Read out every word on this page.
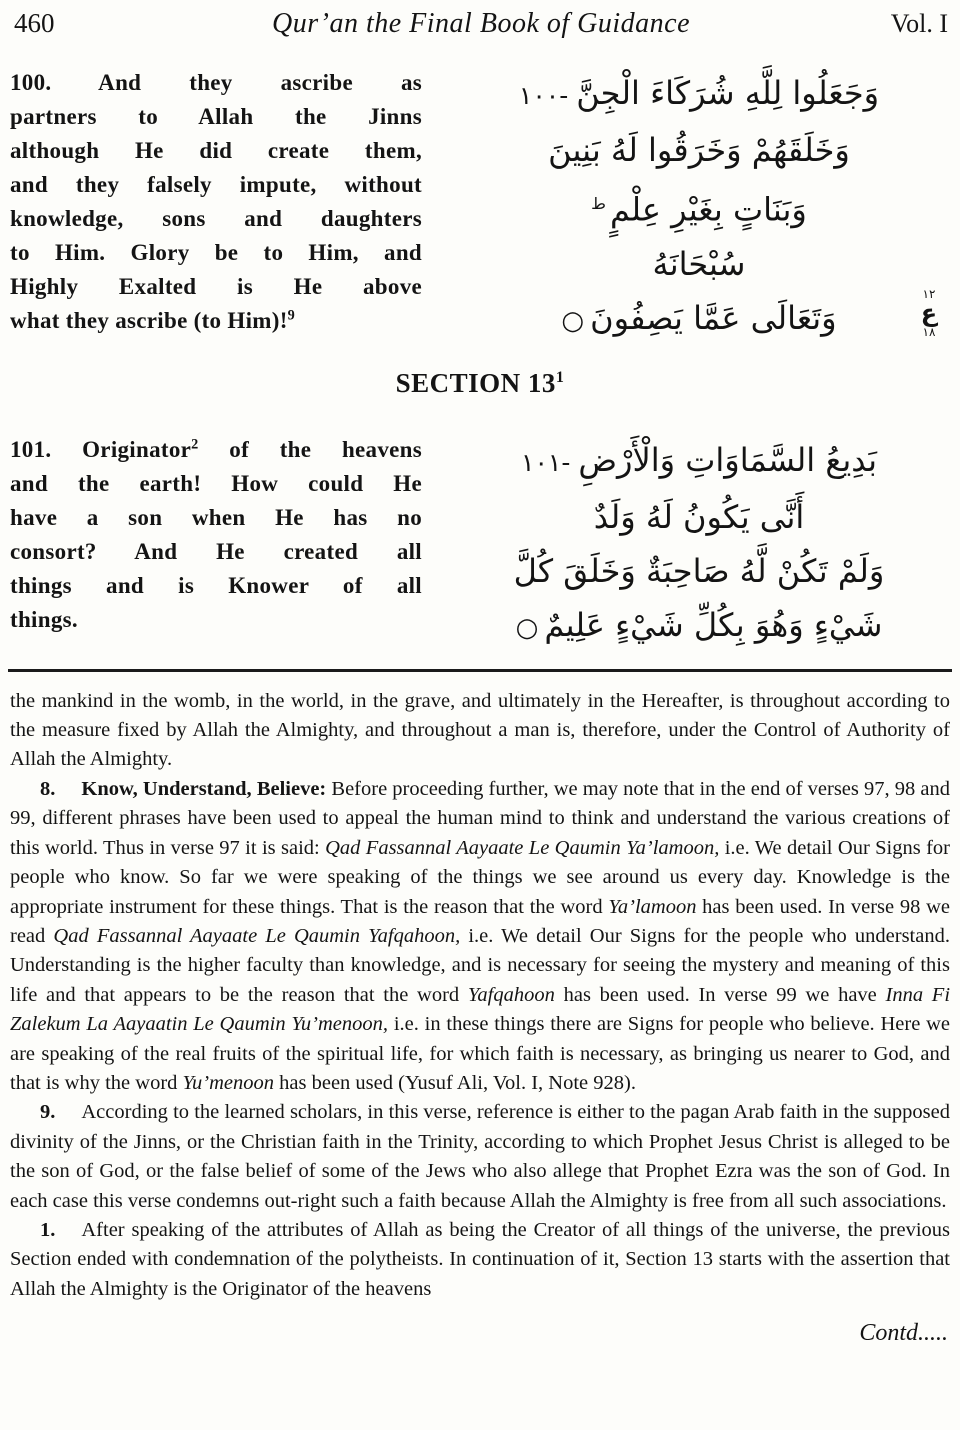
460	Qur’an the Final Book of Guidance	Vol. I
100. And they ascribe as
partners to Allah the Jinns
although He did create them,
and they falsely impute, without
knowledge, sons and daughters
to Him. Glory be to Him, and
Highly Exalted is He above
what they ascribe (to Him)!$^9$
١٠٠- وَجَعَلُوا لِلَّهِ شُرَكَاءَ الْجِنَّ
وَخَلَقَهُمْ وَخَرَقُوا لَهُ بَنِينَ
$^ط$ وَبَنَاتٍ بِغَيْرِ عِلْمٍ
سُبْحَانَهُ
○ وَتَعَالَى عَمَّا يَصِفُونَ
١٢
ع
١٨
SECTION $13^1$
101. Originator$^2$ of the heavens
and the earth! How could He
have a son when He has no
consort? And He created all
things and is Knower of all
things.
١٠١- بَدِيعُ السَّمَاوَاتِ وَالْأَرْضِ
أَنَّى يَكُونُ لَهُ وَلَدٌ
وَلَمْ تَكُنْ لَّهُ صَاحِبَةٌ وَخَلَقَ كُلَّ
○ شَيْءٍ وَهُوَ بِكُلِّ شَيْءٍ عَلِيمٌ

the mankind in the womb, in the world, in the grave, and ultimately in the Hereafter, is throughout according to the measure fixed by Allah the Almighty, and throughout a man is, therefore, under the Control of Authority of Allah the Almighty.

8. Know, Understand, Believe: Before proceeding further, we may note that in the end of verses 97, 98 and 99, different phrases have been used to appeal the human mind to think and understand the various creations of this world. Thus in verse 97 it is said: Qad Fassannal Aayaate Le Qaumin Ya’lamoon, i.e. We detail Our Signs for people who know. So far we were speaking of the things we see around us every day. Knowledge is the appropriate instrument for these things. That is the reason that the word Ya’lamoon has been used. In verse 98 we read Qad Fassannal Aayaate Le Qaumin Yafqahoon, i.e. We detail Our Signs for the people who understand. Understanding is the higher faculty than knowledge, and is necessary for seeing the mystery and meaning of this life and that appears to be the reason that the word Yafqahoon has been used. In verse 99 we have Inna Fi Zalekum La Aayaatin Le Qaumin Yu’menoon, i.e. in these things there are Signs for people who believe. Here we are speaking of the real fruits of the spiritual life, for which faith is necessary, as bringing us nearer to God, and that is why the word Yu’menoon has been used (Yusuf Ali, Vol. I, Note 928).

9. According to the learned scholars, in this verse, reference is either to the pagan Arab faith in the supposed divinity of the Jinns, or the Christian faith in the Trinity, according to which Prophet Jesus Christ is alleged to be the son of God, or the false belief of some of the Jews who also allege that Prophet Ezra was the son of God. In each case this verse condemns out-right such a faith because Allah the Almighty is free from all such associations.

1. After speaking of the attributes of Allah as being the Creator of all things of the universe, the previous Section ended with condemnation of the polytheists. In continuation of it, Section 13 starts with the assertion that Allah the Almighty is the Originator of the heavens

Contd.....
